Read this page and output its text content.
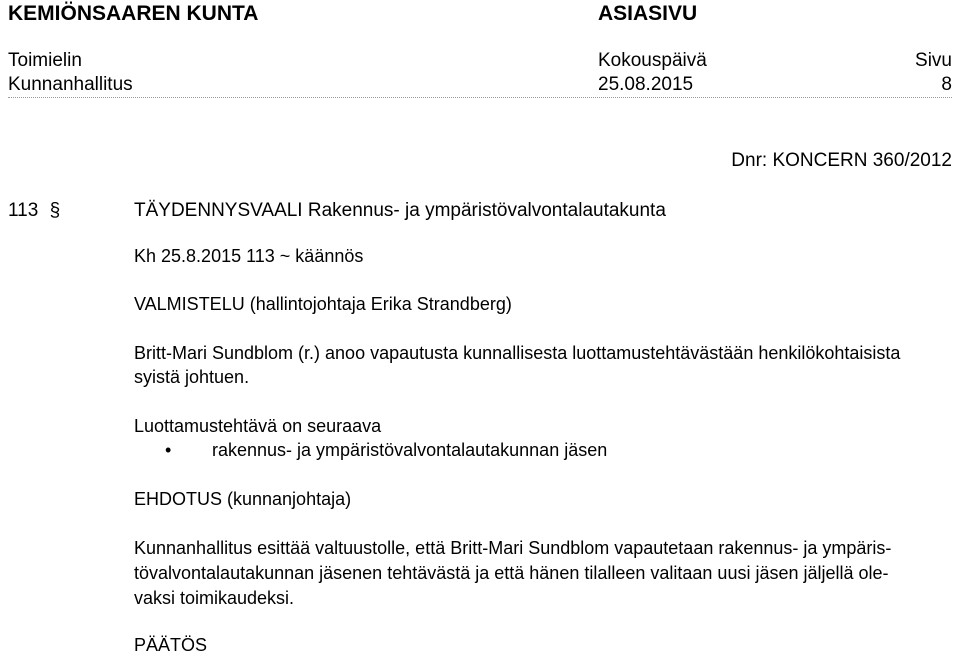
KEMIÖNSAAREN KUNTA	ASIASIVU
Toimielin	Kokouspäivä	Sivu
Kunnanhallitus	25.08.2015	8
Dnr: KONCERN 360/2012
113 §	TÄYDENNYSVAALI Rakennus- ja ympäristövalvontalautakunta
Kh 25.8.2015 113 ~ käännös
VALMISTELU (hallintojohtaja Erika Strandberg)
Britt-Mari Sundblom (r.) anoo vapautusta kunnallisesta luottamustehtävästään henkilökohtaisista
syistä johtuen.
Luottamustehtävä on seuraava
• rakennus- ja ympäristövalvontalautakunnan jäsen
EHDOTUS (kunnanjohtaja)
Kunnanhallitus esittää valtuustolle, että Britt-Mari Sundblom vapautetaan rakennus- ja ympäris-
tövalvontalautakunnan jäsenen tehtävästä ja että hänen tilalleen valitaan uusi jäsen jäljellä ole-
vaksi toimikaudeksi.
PÄÄTÖS
